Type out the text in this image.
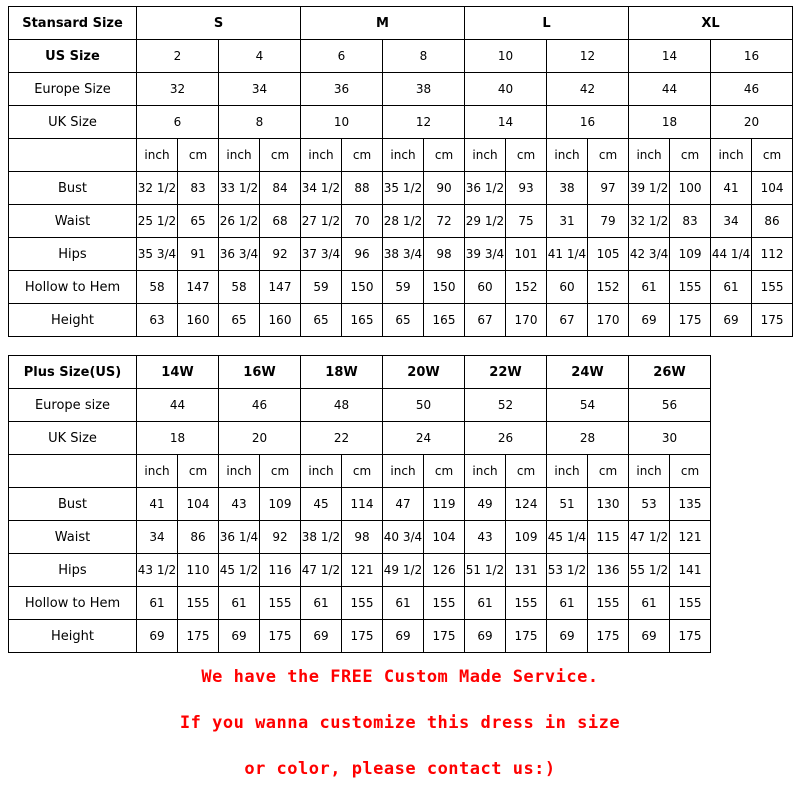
Stansard Size	S				M				L				XL			
US Size	2		4		6		8		10		12		14		16	
Europe Size	32		34		36		38		40		42		44		46	
UK Size	6		8		10		12		14		16		18		20	
	inch	cm	inch	cm	inch	cm	inch	cm	inch	cm	inch	cm	inch	cm	inch	cm
Bust	32 1/2	83	33 1/2	84	34 1/2	88	35 1/2	90	36 1/2	93	38	97	39 1/2	100	41	104
Waist	25 1/2	65	26 1/2	68	27 1/2	70	28 1/2	72	29 1/2	75	31	79	32 1/2	83	34	86
Hips	35 3/4	91	36 3/4	92	37 3/4	96	38 3/4	98	39 3/4	101	41 1/4	105	42 3/4	109	44 1/4	112
Hollow to Hem	58	147	58	147	59	150	59	150	60	152	60	152	61	155	61	155
Height	63	160	65	160	65	165	65	165	67	170	67	170	69	175	69	175
Plus Size(US)	14W		16W		18W		20W		22W		24W		26W		
Europe size	44		46		48		50		52		54		56		
UK Size	18		20		22		24		26		28		30		
	inch	cm	inch	cm	inch	cm	inch	cm	inch	cm	inch	cm	inch	cm	
Bust	41	104	43	109	45	114	47	119	49	124	51	130	53	135	
Waist	34	86	36 1/4	92	38 1/2	98	40 3/4	104	43	109	45 1/4	115	47 1/2	121	
Hips	43 1/2	110	45 1/2	116	47 1/2	121	49 1/2	126	51 1/2	131	53 1/2	136	55 1/2	141	
Hollow to Hem	61	155	61	155	61	155	61	155	61	155	61	155	61	155	
Height	69	175	69	175	69	175	69	175	69	175	69	175	69	175	

We have the FREE Custom Made Service.

If you wanna customize this dress in size

or color, please contact us:)
